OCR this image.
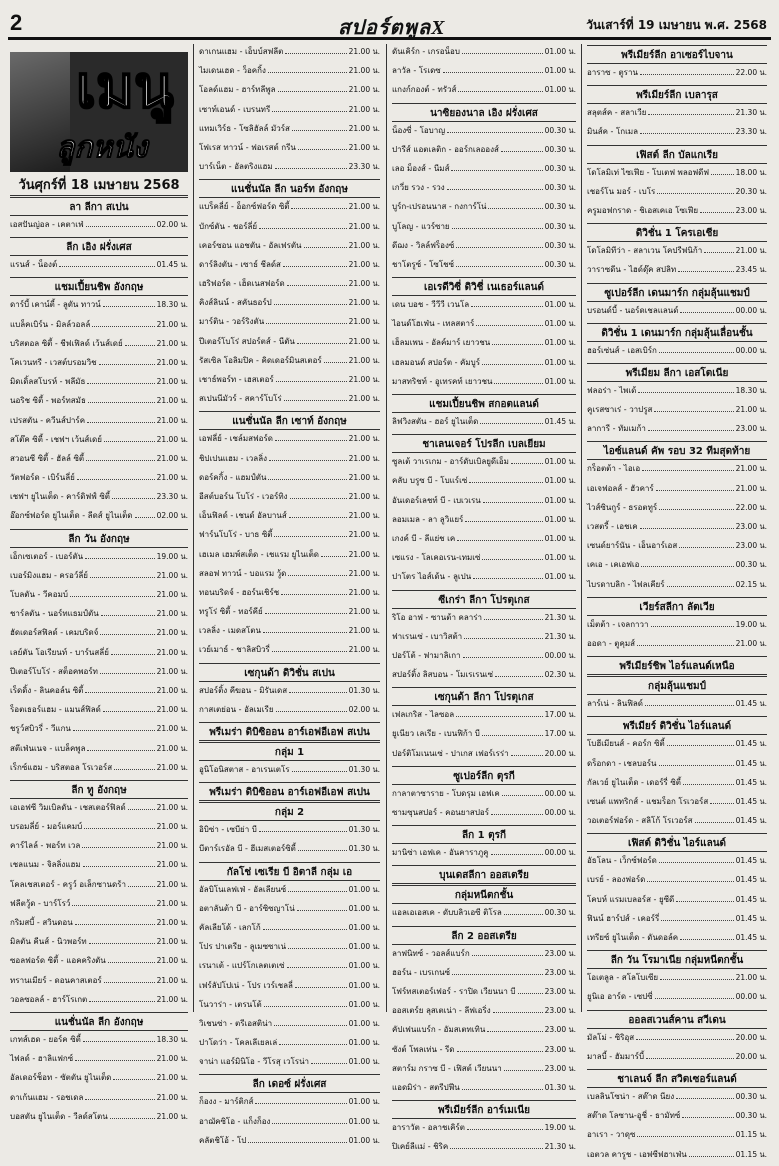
2	สปอร์ตพูลX	วันเสาร์ที่ 19 เมษายน พ.ศ. 2568
เมนู
ลูกหนัง
วันศุกร์ที่ 18 เมษายน 2568
ลา ลีกา สเปน
เอสปันญ่อล - เคตาเฟ่	02.00 น.
ลีก เอิง ฝรั่งเศส
แรนส์ - น็องต์	01.45 น.
แชมเปี้ยนชิพ อังกฤษ
ดาร์บี้ เคาน์ตี้ - ลูตัน ทาวน์	18.30 น.
แบล็คเบิร์น - มิลล์วอลล์	21.00 น.
บริสตอล ซิตี้ - ชีฟเฟิลด์ เว้นส์เดย์	21.00 น.
โคเวนทรี - เวสต์บรอมวิช	21.00 น.
มิดเดิ้ลสโบรห์ - พลีมัธ	21.00 น.
นอริช ซิตี้ - พอร์ทสมัธ	21.00 น.
เปรสตัน - ควีนส์ปาร์ค	21.00 น.
สโต๊ค ซิตี้ - เชฟฯ เว้นส์เดย์	21.00 น.
สวอนซี ซิตี้ - ฮัลล์ ซิตี้	21.00 น.
วัตฟอร์ด - เบิร์นลี่ย์	21.00 น.
เชฟฯ ยูไนเต็ด - คาร์ดิฟฟ์ ซิตี้	23.30 น.
อ๊อกซ์ฟอร์ด ยูไนเต็ด - ลีดส์ ยูไนเต็ด	02.00 น.
ลีก วัน อังกฤษ
เอ็กเซเตอร์ - เบอร์ตัน	19.00 น.
เบอร์มิงแฮม - ครอว์ลี่ย์	21.00 น.
โบลตัน - วีคอมบ์	21.00 น.
ชาร์ลตัน - นอร์ทแธมป์ตัน	21.00 น.
ฮัดเดอร์สฟิลด์ - เคมบริดจ์	21.00 น.
เลย์ตัน โอเรียนท์ - บาร์นสลี่ย์	21.00 น.
ปีเตอร์โบโร่ - สต็อคพอร์ท	21.00 น.
เร็ดดิ้ง - ลินคอล์น ซิตี้	21.00 น.
ร็อตเธอร์แฮม - แมนส์ฟิลด์	21.00 น.
ชรูว์สบิวรี่ - วีแกน	21.00 น.
สตีเฟ่นเนจ - แบล็คพูล	21.00 น.
เร็กซ์แฮม - บริสตอล โรเวอร์ส	21.00 น.
ลีก ทู อังกฤษ
เอเอฟซี วิมเบิลดัน - เชสเตอร์ฟิลด์	21.00 น.
บรอมลี่ย์ - มอร์แคมบ์	21.00 น.
คาร์ไลล์ - พอร์ท เวล	21.00 น.
เชลแนม - จิลลิ่งแฮม	21.00 น.
โคลเชสเตอร์ - ครูว์ อเล็กซานดร้า	21.00 น.
ฟลีตวู้ด - บาร์โรว์	21.00 น.
กริมสบี้ - สวินดอน	21.00 น.
มิลตัน คีนส์ - นิวพอร์ท	21.00 น.
ซอลฟอร์ด ซิตี้ - แอคคริงตัน	21.00 น.
ทรานเมียร์ - ดอนคาสเตอร์	21.00 น.
วอลซอลล์ - ฮาร์โรเกต	21.00 น.
แนชั่นนัล ลีก อังกฤษ
เกทส์เฮด - ยอร์ค ซิตี้	18.30 น.
ไฟลด์ - ฮาลิแฟกซ์	21.00 น.
อัลเดอร์ช็อท - ซัตตัน ยูไนเต็ด	21.00 น.
ดาเก้นแฮม - รอชเดล	21.00 น.
บอสตัน ยูไนเต็ด - วีลด์สโตน	21.00 น.
ดาเกนแฮม - เอ็บบ์สฟลีต	21.00 น.
ไมเดนเฮด - ว็อคกิ้ง	21.00 น.
โอลด์แฮม - ฮาร์ทลีพูล	21.00 น.
เซาท์เอนด์ - เบรนทรี	21.00 น.
แทมเวิร์ธ - โซลิฮัลล์ มัวร์ส	21.00 น.
โฟเรส ทาวน์ - ฟอเรสต์ กรีน	21.00 น.
บาร์เน็ต - อัลตริงแฮม	23.30 น.
แนชั่นนัล ลีก นอร์ท อังกฤษ
แบร็คลี่ย์ - อ็อกซ์ฟอร์ด ซิตี้	21.00 น.
บักซ์ตัน - ชอร์ลี่ย์	21.00 น.
เคอร์ซอน แอชตัน - อัลเฟรตัน	21.00 น.
ดาร์ลิงตัน - เซาธ์ ชีลด์ส	21.00 น.
เฮริฟอร์ด - เฮ็ดเนสฟอร์ด	21.00 น.
คิงส์ลินน์ - สคันธอร์ป	21.00 น.
มาร์ติน - วอร์ริงตัน	21.00 น.
ปีเตอร์โบโร่ สปอร์ตส์ - นีตัน	21.00 น.
รัสเซิล โอลิมปิค - คิดเดอร์มินสเตอร์	21.00 น.
เชาธ์พอร์ท - เฮสเตอร์	21.00 น.
สเปนนีมัวร์ - สคาร์โบโร่	21.00 น.
แนชั่นนัล ลีก เซาท์ อังกฤษ
เอฟลี่ย์ - เชล์มสฟอร์ด	21.00 น.
ชิปเปนแฮม - เวลลิ่ง	21.00 น.
ดอร์คกิ้ง - แฮมป์ตัน	21.00 น.
อีสต์บอร์น โบโร่ - เวอร์ทิง	21.00 น.
เอ็นฟิลด์ - เชนด์ อัลบานส์	21.00 น.
ฟาร์นโบโร่ - บาธ ซิตี้	21.00 น.
เฮเมล เฮมพ์สเต็ด - เชแรม ยูไนเต็ด	21.00 น.
สลอฟ ทาวน์ - บอแรม วู้ด	21.00 น.
ทอนบริดจ์ - ฮอร์นเชิร์ช	21.00 น.
ทรูโร่ ซิตี้ - ทอร์คีย์	21.00 น.
เวลลิ่ง - เมดสโตน	21.00 น.
เวย์เมาธ์ - ชาลิสบิวรี่	21.00 น.
เซกุนด้า ดิวิชั่น สเปน
สปอร์ติ้ง คีฆอน - มิรันเดส	01.30 น.
กาสเตย่อน - อัลเมเรีย	02.00 น.
พรีเมร่า ดิบิซิออน อาร์เอฟอีเอฟ สเปน
กลุ่ม 1
อูนิโอนิสตาส - อาเรนเตโร	01.30 น.
พรีเมร่า ดิบิซิออน อาร์เอฟอีเอฟ สเปน
กลุ่ม 2
อิบิซ่า - เซบีย่า บี	01.30 น.
บีตาร์เรอัล บี - ฮีเมสเตอร์ซิตี้	01.30 น.
กัลโช่ เซเรีย บี อิตาลี กลุ่ม เอ
อัลบิโนเลฟเฟ่ - อัลเลียนซ์	01.00 น.
อตาลันต้า บี - อาร์ซิซญาโน่	01.00 น.
คัลเลียโด้ - เลกโก้	01.00 น.
โปร ปาเตรีย - ลูเมซซาเน่	01.00 น.
เรนาเต้ - แปร์โกเลตเตเซ่	01.00 น.
เฟร์ลัปโปเน่ - โปร เวร์เชลลี่	01.00 น.
โนวาร่า - เตรนโต้	01.00 น.
วิเชนซ่า - ตรีเอสติน่า	01.00 น.
ปาโดว่า - โคลเลีเยลเล่	01.00 น.
จาน่า แอร์มินิโอ - วีโรสุ เวโรน่า	01.00 น.
ลีก เดอซ์ ฝรั่งเศส
ก็องง - มาร์ติกส์	01.00 น.
อาฌัคซิโอ - แก็งก็อง	01.00 น.
คลัตชิโอ้ - โป	01.00 น.
ดันเคิร์ก - เกรอน็อบ	01.00 น.
ลาวัล - โรเดซ	01.00 น.
แกงก์กองต์ - ทรัวส์	01.00 น.
นาซิยองนาล เอิง ฝรั่งเศส
น็องซี่ - โอบาญ	00.30 น.
ปารีส์ แอตเลติก - ออร์กเลอองส์	00.30 น.
เลอ ม็องส์ - นีมส์	00.30 น.
เกวี่ย รวง - รวง	00.30 น.
บูร์ก-เปรอนนาส - กงการ์โน่	00.30 น.
บูโลญ - แวร์ซาย	00.30 น.
ดีฌง - วิลล์ฟร็องซ์	00.30 น.
ชาโตรูซ์ - โซโชซ์	00.30 น.
เอเรดีวิซี่ ดิวิชี่ เนเธอร์แลนด์
เดน บอช - วีวีวี เวนโล	01.00 น.
ไอนด์โฮเฟ่น - เทลสตาร์	01.00 น.
เฮ็ลมเพน - อัลค์มาร์ เยาวชน	01.00 น.
เฮลมอนด์ สปอร์ต - คัมบูร์	01.00 น.
มาสทริชท์ - อูเทรคท์ เยาวชน	01.00 น.
แชมเปี้ยนชิพ สกอตแลนด์
ลิฟวิงสตัน - ฮอร์ ยูไนเต็ด	01.45 น.
ชาเลนเจอร์ โปรลีก เบลเยียม
ซูลเต้ วาเรเกม - อาร์ดับเบิลยูดีเอ็ม	01.00 น.
คลับ บรูซ บี - โบแร์เซ่	01.00 น.
อันเดอร์เลชท์ บี - เบเวเรน	01.00 น.
ลอมเมล - ลา ลูวิแยร์	01.00 น.
เกงค์ บี - ลีแย่ช เค	01.00 น.
เซแรง - โลเคอเรน-เทมเซ่	01.00 น.
ปาโตร ไอส์เด้น - ลูเปน	01.00 น.
ซีเกร่า ลีกา โปรตุเกส
ริโอ อาฟ - ซานต้า คลาร่า	21.30 น.
ฟาเรนเซ่ - เบาวิสต้า	21.30 น.
ปอร์โต้ - ฟามาลิเกา	00.00 น.
สปอร์ติ้ง ลิสบอน - โมเรเรนเซ่	02.30 น.
เซกุนด้า ลีกา โปรตุเกส
เฟลเกริส - ไลซอล	17.00 น.
ยูเนียว เลเรีย - เบนฟิก้า บี	17.00 น.
ปอร์ติโมเนนเซ่ - ปาเกส เฟอร์เรร่า	20.00 น.
ซูเปอร์ลีก ตุรกี
กาลาตาซาราย - โบดรุม เอฟเค	00.00 น.
ซามซุนสปอร์ - คอนยาสปอร์	00.00 น.
ลีก 1 ตุรกี
มานิซ่า เอฟเค - อันคาราภูคู	00.00 น.
บุนเดสลีกา ออสเตรีย
กลุ่มหนีตกชั้น
แอลเอเอสเค - ดับบลิวเอซี ติโรล	00.30 น.
ลีก 2 ออสเตรีย
ลาฟนิทซ์ - วอลส์แบร์ก	23.00 น.
ฮอร์น - เบรเกนซ์	23.00 น.
โฟร์ทสเตอร์เฟอร์ - ราปิด เวียนนา บี	23.00 น.
ออสเตร์ย ลุสเตเน่า - ลีฟเอริ่ง	23.00 น.
คัปเฟนแบร์ก - อัมสเตทเทิน	23.00 น.
ซังต์ โพลเท่น - รีด	23.00 น.
สตาร์ม กราซ บี - เฟิสต์ เวียนนา	23.00 น.
แอดมิร่า - สตรีปฟีน	01.30 น.
พรีเมียร์ลีก อาร์เมเนีย
อาราวัต - อลาชเคิร์ต	19.00 น.
ปิเคย์ลีแม่ - ชิริค	21.30 น.
พรีเมียร์ลีก อาเซอร์ไบจาน
อาราซ - ตูราน	22.00 น.
พรีเมียร์ลีก เบลารุส
สลุตส์ค - สลาเวีย	21.30 น.
มินส์ค - โกเมล	23.30 น.
เฟิสต์ ลีก บัลแกเรีย
โดโลมิเท่ ไซเฟีย - โบเตฟ พลอฟดีฟ	18.00 น.
เชอร์โน มอร์ - เบโร	20.30 น.
ครูมอฟกราด - ชิเอสเคเอ โซเฟีย	23.00 น.
ดิวิชั่น 1 โครเอเชีย
โดโลมิทีว่า - สลาเวน โคปรีฟนิก้า	21.00 น.
วาราซดีน - ไฮด์ดุ๊ค สปลิท	23.45 น.
ซูเปอร์ลีก เดนมาร์ก กลุ่มลุ้นแชมป์
บรอนด์บี้ - นอร์ดเชลแลนด์	00.00 น.
ดิวิชั่น 1 เดนมาร์ก กลุ่มลุ้นเลื่อนชั้น
ฮอร์เซ่นส์ - เอสเบิร์ก	00.00 น.
พรีเมียม ลีกา เอสโตเนีย
ฟลอร่า - ไพเด้	18.30 น.
คูเรสซาเร่ - วาปรูส	21.00 น.
ลาการี - ทัมเมก้า	23.00 น.
ไอซ์แลนด์ คัพ รอบ 32 ทีมสุดท้าย
กร็อตต้า - ไอเอ	21.00 น.
เอเจฟอลส์ - ฮัวคาร์	21.00 น.
ไวส์ซินกูร์ - ธรอตทูร์	22.00 น.
เวสตรี้ - เอชเค	23.00 น.
เซนด์ยาร์นัน - เอ็นอาร์เอส	23.00 น.
เคเอ - เคเอฟเอ	00.30 น.
ไบรดาบลิก - ไฟลเคียร์	02.15 น.
เวียร์สลีกา ลัตเวีย
เม็ตต้า - เจลกาวา	19.00 น.
ออดา - ตูคุมส์	21.00 น.
พรีเมียร์ชิพ ไอร์แลนด์เหนือ
กลุ่มลุ้นแชมป์
ลาร์เน่ - ลินฟิลด์	01.45 น.
พรีเมียร์ ดิวิชั่น ไอร์แลนด์
โบฮีเมียนส์ - คอร์ก ซิตี้	01.45 น.
ดร็อกดา - เชลบอร์น	01.45 น.
กัลเวย์ ยูไนเต็ด - เดอร์รี่ ซิตี้	01.45 น.
เซนต์ แพทริกส์ - แชมร็อก โรเวอร์ส	01.45 น.
วอเตอร์ฟอร์ด - สลิโก้ โรเวอร์ส	01.45 น.
เฟิสต์ ดิวิชั่น ไอร์แลนด์
อัธโลน - เว็กซ์ฟอร์ด	01.45 น.
เบรย์ - ลองฟอร์ด	01.45 น.
โคบห์ แรมเบลอร์ส - ยูซีดี	01.45 น.
ฟินน์ ฮาร์ปส์ - เคอร์รี่	01.45 น.
เทรียซ์ ยูไนเต็ด - ดันดอล์ค	01.45 น.
ลีก วัน โรมาเนีย กลุ่มหนีตกชั้น
โอเตลูล - สโลโบเซีย	21.00 น.
ยูนิเอ อาร์ด - เซปซี่	00.00 น.
ออลสเวนส์คาน สวีเดน
มัลโม่ - ซิริอุส	20.00 น.
มาลบี้ - ฮัมมาร์บี้	20.00 น.
ชาเลนจ์ ลีก สวิตเซอร์แลนด์
เบลลินโซน่า - สต๊าด นียง	00.30 น.
สต๊าด โลซาน-อูชี่ - ธามัทซ์	00.30 น.
อาเรา - วาดุซ	01.15 น.
เอตวล คารูช - เอฟซีฟฮาเฟ่น	01.15 น.
